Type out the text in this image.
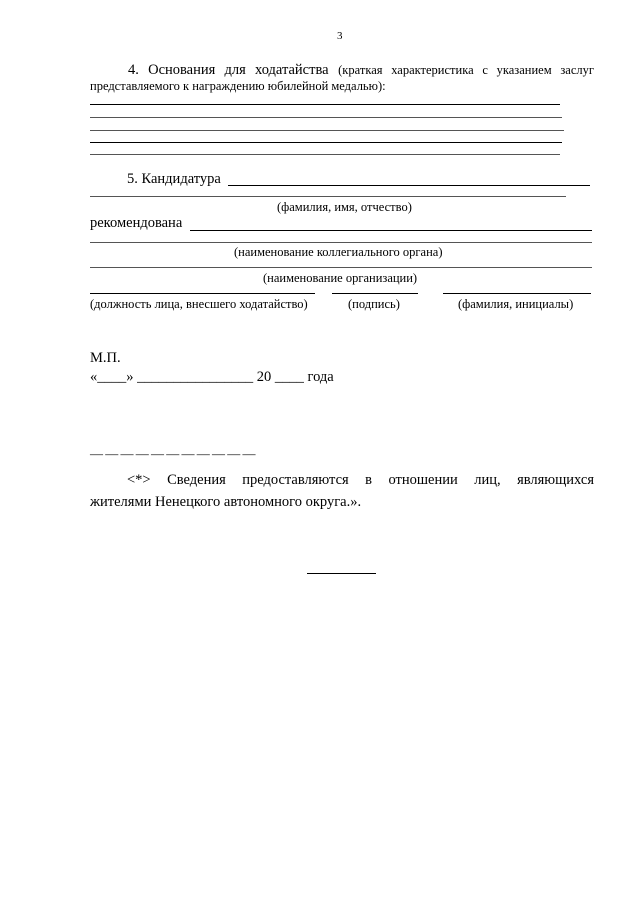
3
4. Основания для ходатайства (краткая характеристика с указанием заслуг
представляемого к награждению юбилейной медалью):
5. Кандидатура
(фамилия, имя, отчество)
рекомендована
(наименование коллегиального органа)
(наименование организации)
(должность лица, внесшего ходатайство)	(подпись)	(фамилия, инициалы)
М.П.
«____» ________________ 20 ____ года
— — — — — — — — — — —
<*> Сведения предоставляются в отношении лиц, являющихся
жителями Ненецкого автономного округа.».
